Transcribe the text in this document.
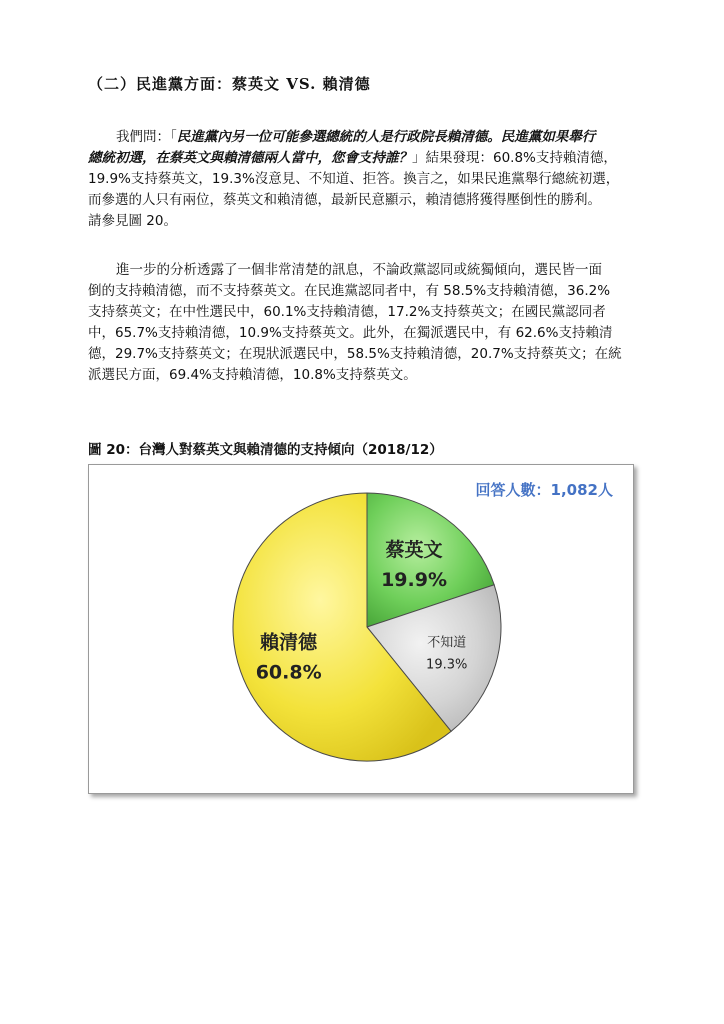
（二）民進黨方面：蔡英文 VS. 賴清德
我們問：「民進黨內另一位可能參選總統的人是行政院長賴清德。民進黨如果舉行
總統初選，在蔡英文與賴清德兩人當中，您會支持誰？」結果發現：60.8%支持賴清德，
19.9%支持蔡英文，19.3%沒意見、不知道、拒答。換言之，如果民進黨舉行總統初選，
而參選的人只有兩位，蔡英文和賴清德，最新民意顯示，賴清德將獲得壓倒性的勝利。
請參見圖 20。
進一步的分析透露了一個非常清楚的訊息，不論政黨認同或統獨傾向，選民皆一面
倒的支持賴清德，而不支持蔡英文。在民進黨認同者中，有 58.5%支持賴清德，36.2%
支持蔡英文；在中性選民中，60.1%支持賴清德，17.2%支持蔡英文；在國民黨認同者
中，65.7%支持賴清德，10.9%支持蔡英文。此外，在獨派選民中，有 62.6%支持賴清
德，29.7%支持蔡英文；在現狀派選民中，58.5%支持賴清德，20.7%支持蔡英文；在統
派選民方面，69.4%支持賴清德，10.8%支持蔡英文。
圖 20：台灣人對蔡英文與賴清德的支持傾向（2018/12）
回答人數：1,082人
蔡英文
19.9%
不知道
19.3%
賴清德
60.8%
